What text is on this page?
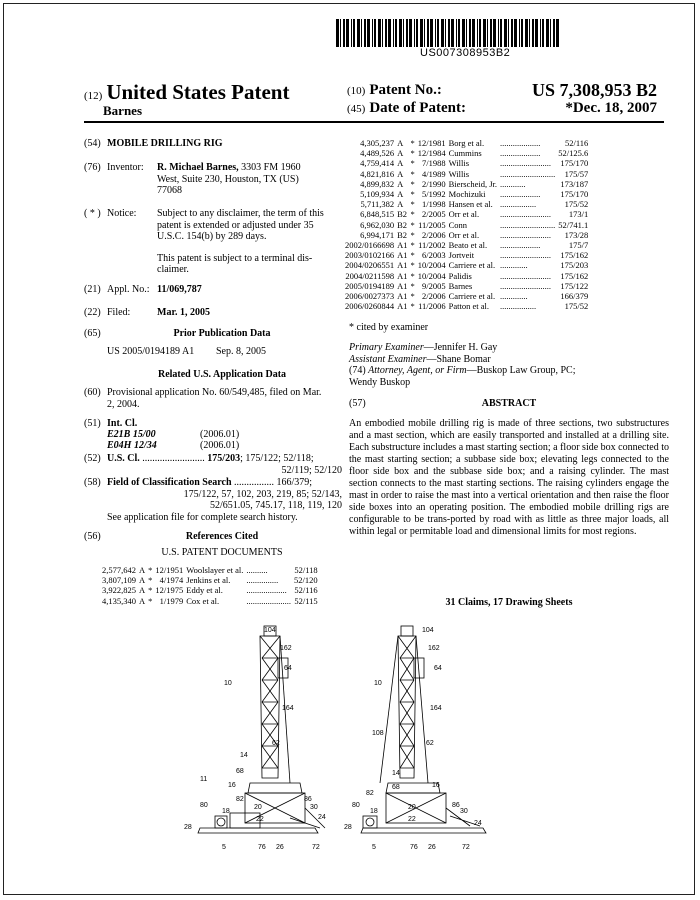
US007308953B2
(12) United States Patent
Barnes
(10) Patent No.:	US 7,308,953 B2
(45) Date of Patent:	*Dec. 18, 2007
(54) MOBILE DRILLING RIG
(76) Inventor: R. Michael Barnes, 3303 FM 1960
West, Suite 230, Houston, TX (US)
77068
( * ) Notice: Subject to any disclaimer, the term of this
patent is extended or adjusted under 35
U.S.C. 154(b) by 289 days.

This patent is subject to a terminal dis-
claimer.
(21) Appl. No.: 11/069,787
(22) Filed:	Mar. 1, 2005
(65)	Prior Publication Data
US 2005/0194189 A1 Sep. 8, 2005
Related U.S. Application Data
(60) Provisional application No. 60/549,485, filed on Mar.
2, 2004.
(51) Int. Cl.
E21B 15/00	(2006.01)
E04H 12/34	(2006.01)
(52) U.S. Cl. ......................... 175/203; 175/122; 52/118;
52/119; 52/120
(58) Field of Classification Search ................ 166/379;
175/122, 57, 102, 203, 219, 85; 52/143,
52/651.05, 745.17, 118, 119, 120
See application file for complete search history.
(56)	References Cited
U.S. PATENT DOCUMENTS
2,577,642	A	*	12/1951	Woolslayer et al.	..........	52/118
3,807,109	A	*	4/1974	Jenkins et al.	...............	52/120
3,922,825	A	*	12/1975	Eddy et al.	...................	52/116
4,135,340	A	*	1/1979	Cox et al.	.....................	52/115
4,305,237	A	*	12/1981	Borg et al.	...................	52/116
4,489,526	A	*	12/1984	Cummins	...................	52/125.6
4,759,414	A	*	7/1988	Willis	........................	175/170
4,821,816	A	*	4/1989	Willis	..........................	175/57
4,899,832	A	*	2/1990	Bierscheid, Jr.	............	173/187
5,109,934	A	*	5/1992	Mochizuki	...................	175/170
5,711,382	A	*	1/1998	Hansen et al.	.................	175/52
6,848,515	B2	*	2/2005	Orr et al.	........................	173/1
6,962,030	B2	*	11/2005	Conn	..........................	52/741.1
6,994,171	B2	*	2/2006	Orr et al.	........................	173/28
2002/0166698	A1	*	11/2002	Beato et al.	...................	175/7
2003/0102166	A1	*	6/2003	Jortveit	........................	175/162
2004/0206551	A1	*	10/2004	Carriere et al.	.............	175/203
2004/0211598	A1	*	10/2004	Palidis	........................	175/162
2005/0194189	A1	*	9/2005	Barnes	........................	175/122
2006/0027373	A1	*	2/2006	Carriere et al.	.............	166/379
2006/0260844	A1	*	11/2006	Patton et al.	.................	175/52
* cited by examiner
Primary Examiner—Jennifer H. Gay
Assistant Examiner—Shane Bomar
(74) Attorney, Agent, or Firm—Buskop Law Group, PC;
Wendy Buskop
(57)	ABSTRACT
An embodied mobile drilling rig is made of three sections, two substructures and a mast section, which are easily transported and installed at a drilling site. Each substructure includes a mast starting section; a floor side box connected to the mast starting section; a subbase side box; elevating legs connected to the floor side box and the subbase side box; and a raising cylinder. The mast section connects to the mast starting sections. The raising cylinders engage the mast in order to raise the mast into a vertical orientation and then raise the floor side boxes into an operating position. The embodied mobile drilling rigs are configurable to be trans-ported by road with as little as three major loads, all within legal or permitable load and dimensional limits for most regions.
31 Claims, 17 Drawing Sheets
104
162
64
10
164
62
14
68
11
16
82
80
18
20
22
86
30
24
28
5	76 26	72
104
162
64
10
164
108
62
14
68	16
82
80
18
20
22
86
30
24
28
5	76 26	72
